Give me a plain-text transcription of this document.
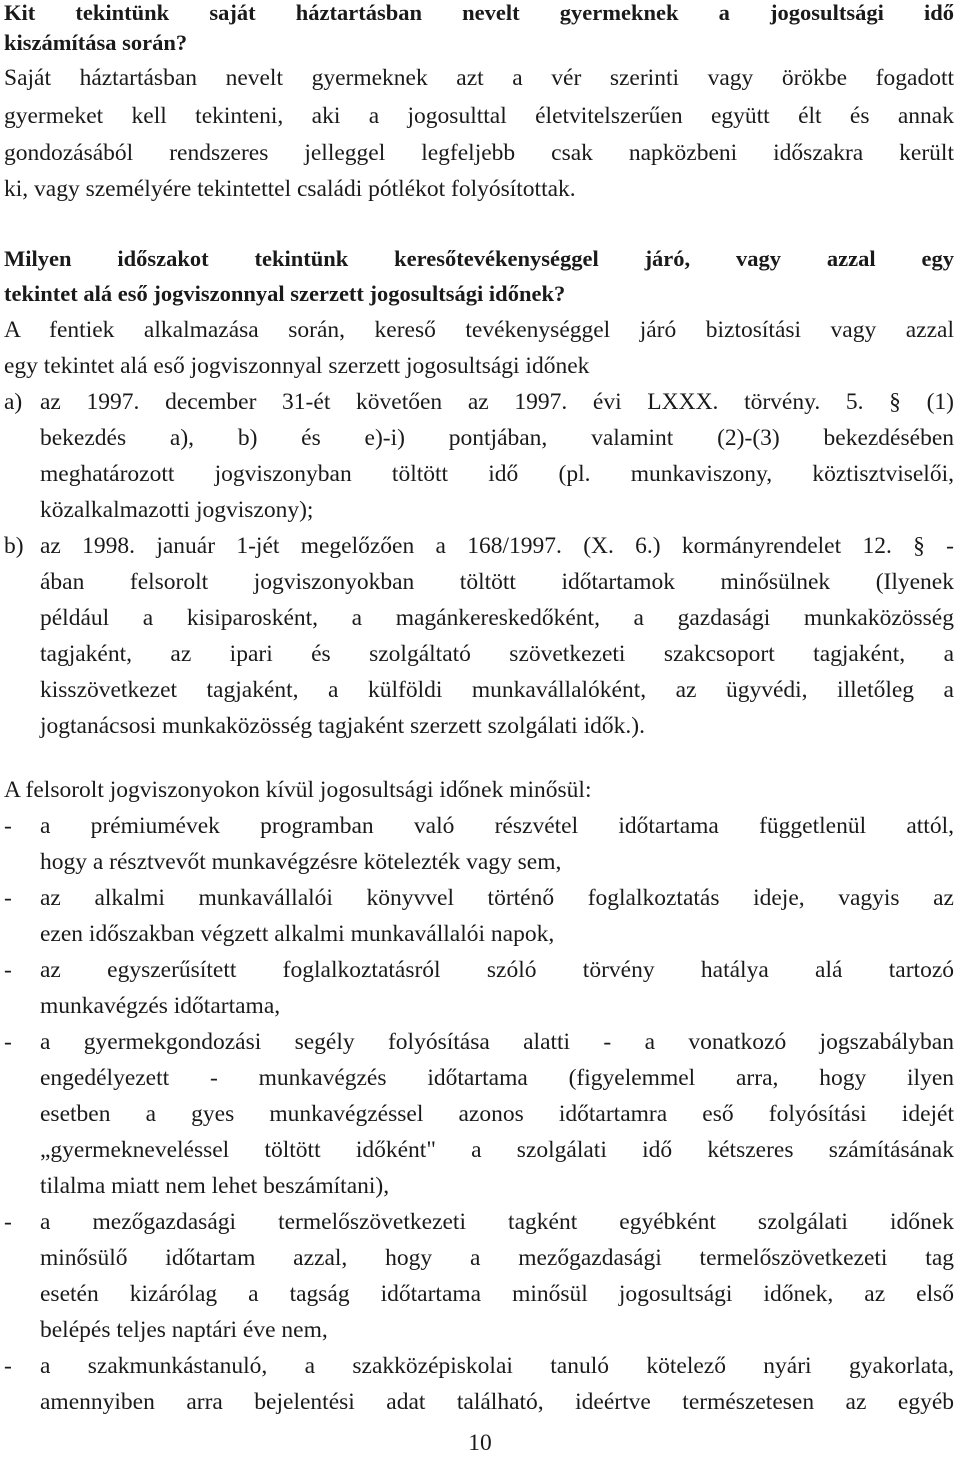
Kit tekintünk saját háztartásban nevelt gyermeknek a jogosultsági idő
kiszámítása során?
Saját háztartásban nevelt gyermeknek azt a vér szerinti vagy örökbe fogadott
gyermeket kell tekinteni, aki a jogosulttal életvitelszerűen együtt élt és annak
gondozásából rendszeres jelleggel legfeljebb csak napközbeni időszakra került
ki, vagy személyére tekintettel családi pótlékot folyósítottak.
Milyen időszakot tekintünk keresőtevékenységgel járó, vagy azzal egy
tekintet alá eső jogviszonnyal szerzett jogosultsági időnek?
A fentiek alkalmazása során, kereső tevékenységgel járó biztosítási vagy azzal
egy tekintet alá eső jogviszonnyal szerzett jogosultsági időnek
a) az 1997. december 31-ét követően az 1997. évi LXXX. törvény. 5. § (1)
bekezdés a), b) és e)-i) pontjában, valamint (2)-(3) bekezdésében
meghatározott jogviszonyban töltött idő (pl. munkaviszony, köztisztviselői,
közalkalmazotti jogviszony);
b) az 1998. január 1-jét megelőzően a 168/1997. (X. 6.) kormányrendelet 12. § -
ában felsorolt jogviszonyokban töltött időtartamok minősülnek (Ilyenek
például a kisiparosként, a magánkereskedőként, a gazdasági munkaközösség
tagjaként, az ipari és szolgáltató szövetkezeti szakcsoport tagjaként, a
kisszövetkezet tagjaként, a külföldi munkavállalóként, az ügyvédi, illetőleg a
jogtanácsosi munkaközösség tagjaként szerzett szolgálati idők.).
A felsorolt jogviszonyokon kívül jogosultsági időnek minősül:
- a prémiumévek programban való részvétel időtartama függetlenül attól,
hogy a résztvevőt munkavégzésre kötelezték vagy sem,
- az alkalmi munkavállalói könyvvel történő foglalkoztatás ideje, vagyis az
ezen időszakban végzett alkalmi munkavállalói napok,
- az egyszerűsített foglalkoztatásról szóló törvény hatálya alá tartozó
munkavégzés időtartama,
- a gyermekgondozási segély folyósítása alatti - a vonatkozó jogszabályban
engedélyezett - munkavégzés időtartama (figyelemmel arra, hogy ilyen
esetben a gyes munkavégzéssel azonos időtartamra eső folyósítási idejét
„gyermekneveléssel töltött időként" a szolgálati idő kétszeres számításának
tilalma miatt nem lehet beszámítani),
- a mezőgazdasági termelőszövetkezeti tagként egyébként szolgálati időnek
minősülő időtartam azzal, hogy a mezőgazdasági termelőszövetkezeti tag
esetén kizárólag a tagság időtartama minősül jogosultsági időnek, az első
belépés teljes naptári éve nem,
- a szakmunkástanuló, a szakközépiskolai tanuló kötelező nyári gyakorlata,
amennyiben arra bejelentési adat található, ideértve természetesen az egyéb
10
